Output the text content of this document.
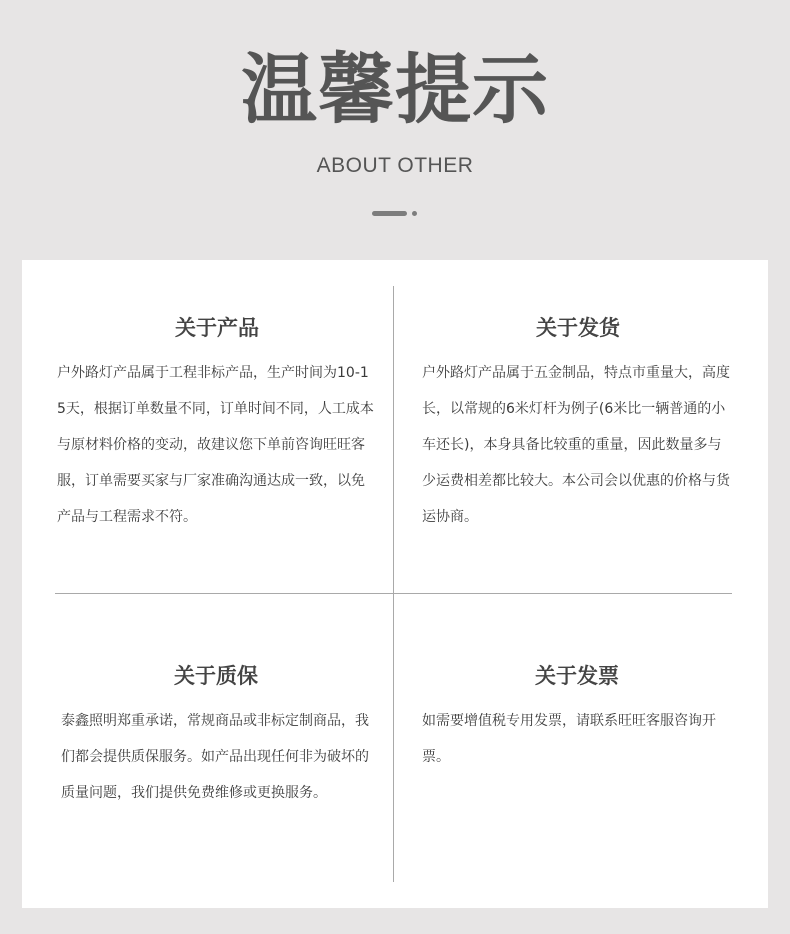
温馨提示
ABOUT OTHER
关于产品
户外路灯产品属于工程非标产品，生产时间为10-15天，根据订单数量不同，订单时间不同，人工成本与原材料价格的变动，故建议您下单前咨询旺旺客服，订单需要买家与厂家准确沟通达成一致，以免产品与工程需求不符。
关于发货
户外路灯产品属于五金制品，特点市重量大，高度长，以常规的6米灯杆为例子(6米比一辆普通的小车还长)，本身具备比较重的重量，因此数量多与少运费相差都比较大。本公司会以优惠的价格与货运协商。
关于质保
泰鑫照明郑重承诺，常规商品或非标定制商品，我们都会提供质保服务。如产品出现任何非为破坏的质量问题，我们提供免费维修或更换服务。
关于发票
如需要增值税专用发票，请联系旺旺客服咨询开票。
